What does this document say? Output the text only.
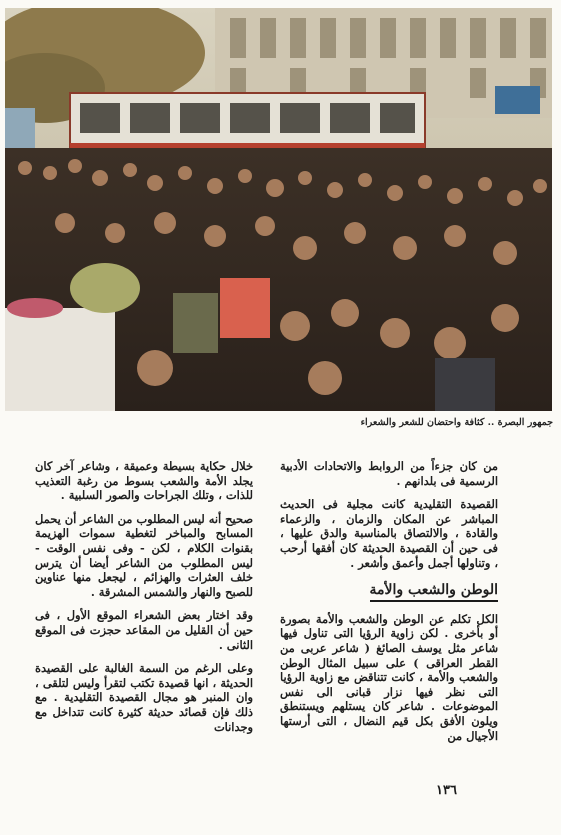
جمهور البصرة .. كثافة واحتضان للشعر والشعراء

من كان جزءاً من الروابط والاتحادات الأدبية الرسمية فى بلدانهم .

القصيدة التقليدية كانت مجلية فى الحديث المباشر عن المكان والزمان ، والزعماء والقادة ، والالتصاق بالمناسبة والدق عليها ، فى حين أن القصيدة الحديثة كان أفقها أرحب ، وتناولها أجمل وأعمق وأشعر .

الوطن والشعب والأمة

الكل تكلم عن الوطن والشعب والأمة بصورة أو بأخرى . لكن زاوية الرؤيا التى تناول فيها شاعر مثل يوسف الصائغ ( شاعر عربى من القطر العراقى ) على سبيل المثال الوطن والشعب والأمة ، كانت تتناقض مع زاوية الرؤيا التى نظر فيها نزار قبانى الى نفس الموضوعات . شاعر كان يستلهم ويستنطق ويلون الأفق بكل قيم النضال ، التى أرستها الأجيال من

خلال حكاية بسيطة وعميقة ، وشاعر آخر كان يجلد الأمة والشعب بسوط من رغبة التعذيب للذات ، وتلك الجراحات والصور السلبية .

صحيح أنه ليس المطلوب من الشاعر أن يحمل المسابح والمباخر لتغطية سموات الهزيمة بقنوات الكلام ، لكن - وفى نفس الوقت - ليس المطلوب من الشاعر أيضا أن يترس خلف العثرات والهزائم ، ليجعل منها عناوين للصبح والنهار والشمس المشرقة .

وقد اختار بعض الشعراء الموقع الأول ، فى حين أن القليل من المقاعد حجزت فى الموقع الثانى .

وعلى الرغم من السمة الغالبة على القصيدة الحديثة ، انها قصيدة تكتب لتقرأ وليس لتلقى ، وان المنبر هو مجال القصيدة التقليدية . مع ذلك فإن قصائد حديثة كثيرة كانت تتداخل مع وجدانات

١٣٦
